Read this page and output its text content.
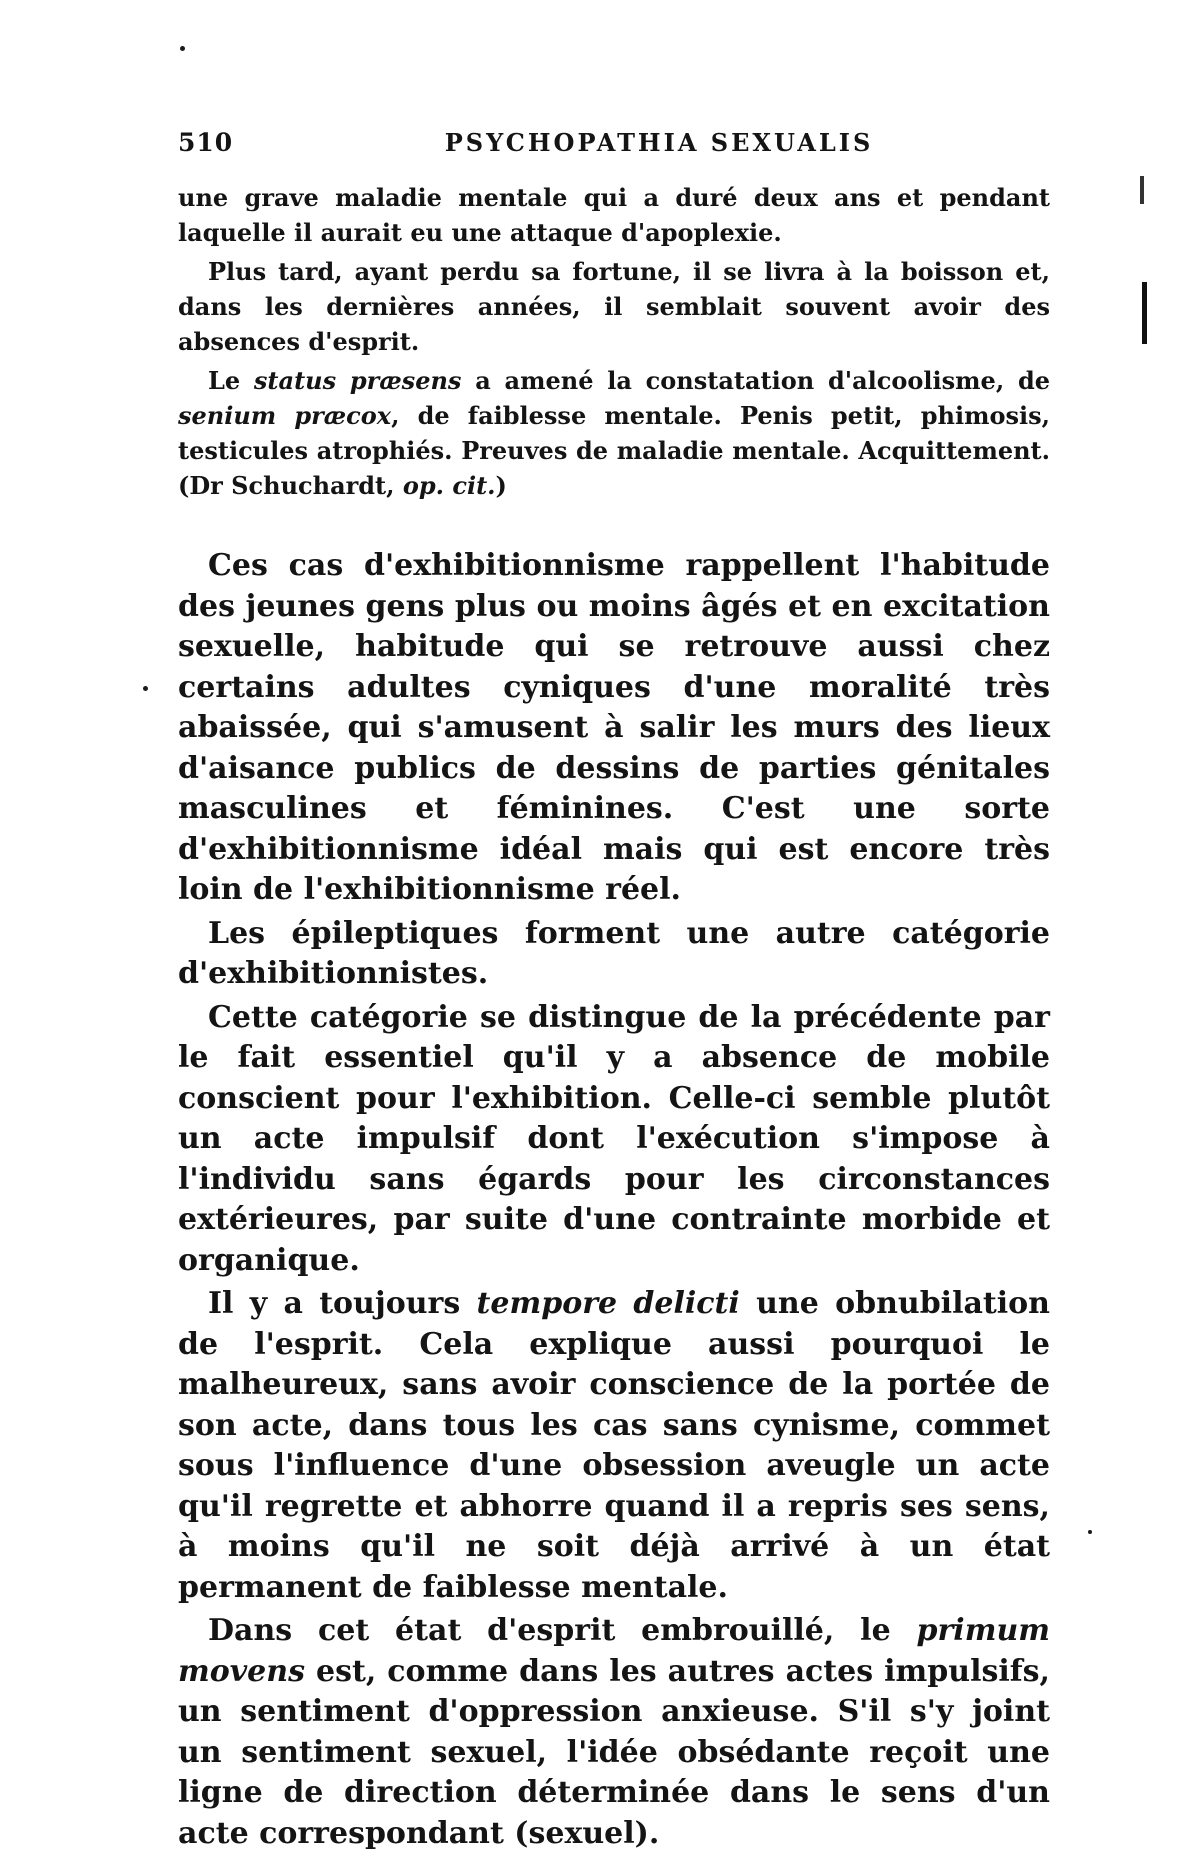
510	PSYCHOPATHIA SEXUALIS

une grave maladie mentale qui a duré deux ans et pendant laquelle il aurait eu une attaque d'apoplexie.

Plus tard, ayant perdu sa fortune, il se livra à la boisson et, dans les dernières années, il semblait souvent avoir des absences d'esprit.

Le status præsens a amené la constatation d'alcoolisme, de senium præcox, de faiblesse mentale. Penis petit, phimosis, testicules atrophiés. Preuves de maladie mentale. Acquittement. (Dr Schuchardt, op. cit.)

Ces cas d'exhibitionnisme rappellent l'habitude des jeunes gens plus ou moins âgés et en excitation sexuelle, habitude qui se retrouve aussi chez certains adultes cyniques d'une moralité très abaissée, qui s'amusent à salir les murs des lieux d'aisance publics de dessins de parties génitales masculines et féminines. C'est une sorte d'exhibitionnisme idéal mais qui est encore très loin de l'exhibitionnisme réel.

Les épileptiques forment une autre catégorie d'exhibitionnistes.

Cette catégorie se distingue de la précédente par le fait essentiel qu'il y a absence de mobile conscient pour l'exhibition. Celle-ci semble plutôt un acte impulsif dont l'exécution s'impose à l'individu sans égards pour les circonstances extérieures, par suite d'une contrainte morbide et organique.

Il y a toujours tempore delicti une obnubilation de l'esprit. Cela explique aussi pourquoi le malheureux, sans avoir conscience de la portée de son acte, dans tous les cas sans cynisme, commet sous l'influence d'une obsession aveugle un acte qu'il regrette et abhorre quand il a repris ses sens, à moins qu'il ne soit déjà arrivé à un état permanent de faiblesse mentale.

Dans cet état d'esprit embrouillé, le primum movens est, comme dans les autres actes impulsifs, un sentiment d'oppression anxieuse. S'il s'y joint un sentiment sexuel, l'idée obsédante reçoit une ligne de direction déterminée dans le sens d'un acte correspondant (sexuel).
